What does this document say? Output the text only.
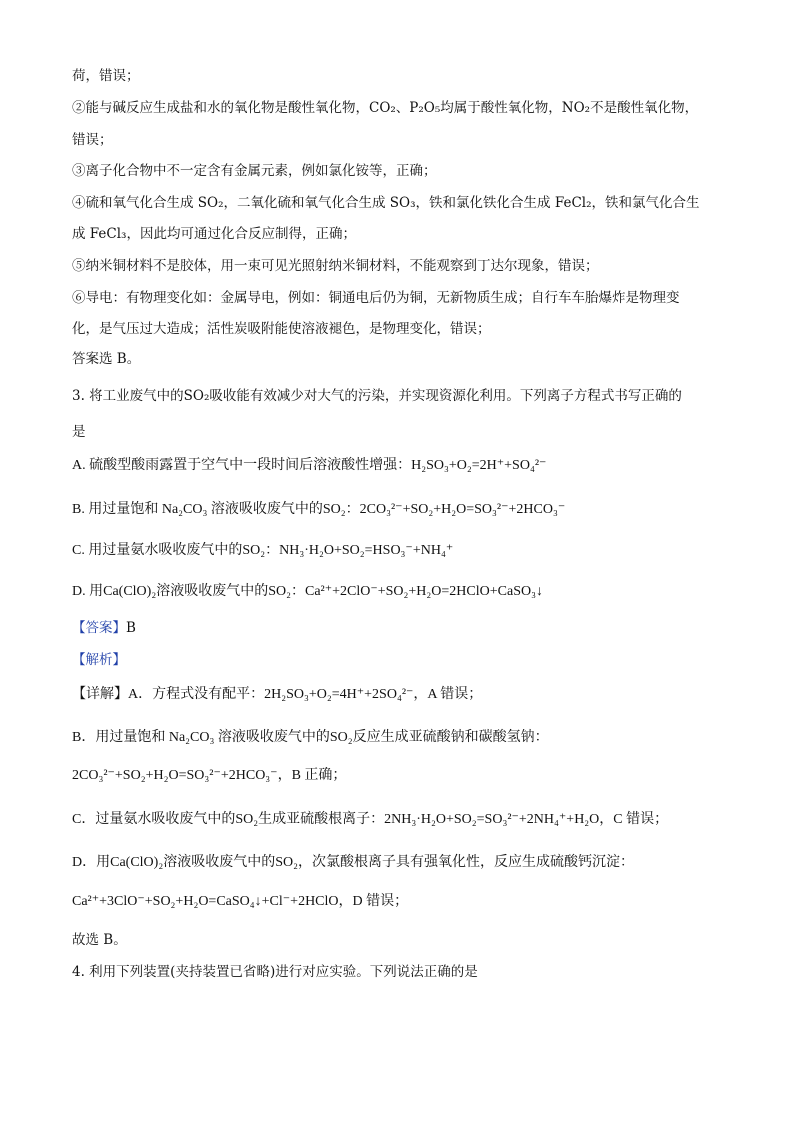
荷，错误；
②能与碱反应生成盐和水的氧化物是酸性氧化物，CO₂、P₂O₅均属于酸性氧化物，NO₂不是酸性氧化物，
错误；
③离子化合物中不一定含有金属元素，例如氯化铵等，正确；
④硫和氧气化合生成 SO₂，二氧化硫和氧气化合生成 SO₃，铁和氯化铁化合生成 FeCl₂，铁和氯气化合生
成 FeCl₃，因此均可通过化合反应制得，正确；
⑤纳米铜材料不是胶体，用一束可见光照射纳米铜材料，不能观察到丁达尔现象，错误；
⑥导电：有物理变化如：金属导电，例如：铜通电后仍为铜，无新物质生成；自行车车胎爆炸是物理变
化，是气压过大造成；活性炭吸附能使溶液褪色，是物理变化，错误；
答案选 B。
3. 将工业废气中的SO₂吸收能有效减少对大气的污染，并实现资源化利用。下列离子方程式书写正确的
是
A. 硫酸型酸雨露置于空气中一段时间后溶液酸性增强：H₂SO₃+O₂=2H⁺+SO₄²⁻
B. 用过量饱和 Na₂CO₃ 溶液吸收废气中的SO₂：2CO₃²⁻+SO₂+H₂O=SO₃²⁻+2HCO₃⁻
C. 用过量氨水吸收废气中的SO₂：NH₃·H₂O+SO₂=HSO₃⁻+NH₄⁺
D. 用Ca(ClO)₂溶液吸收废气中的SO₂：Ca²⁺+2ClO⁻+SO₂+H₂O=2HClO+CaSO₃↓
【答案】B
【解析】
【详解】A．方程式没有配平：2H₂SO₃+O₂=4H⁺+2SO₄²⁻，A 错误；
B．用过量饱和 Na₂CO₃ 溶液吸收废气中的SO₂反应生成亚硫酸钠和碳酸氢钠：
2CO₃²⁻+SO₂+H₂O=SO₃²⁻+2HCO₃⁻，B 正确；
C．过量氨水吸收废气中的SO₂生成亚硫酸根离子：2NH₃·H₂O+SO₂=SO₃²⁻+2NH₄⁺+H₂O，C 错误；
D．用Ca(ClO)₂溶液吸收废气中的SO₂，次氯酸根离子具有强氧化性，反应生成硫酸钙沉淀：
Ca²⁺+3ClO⁻+SO₂+H₂O=CaSO₄↓+Cl⁻+2HClO，D 错误；
故选 B。
4. 利用下列装置(夹持装置已省略)进行对应实验。下列说法正确的是
